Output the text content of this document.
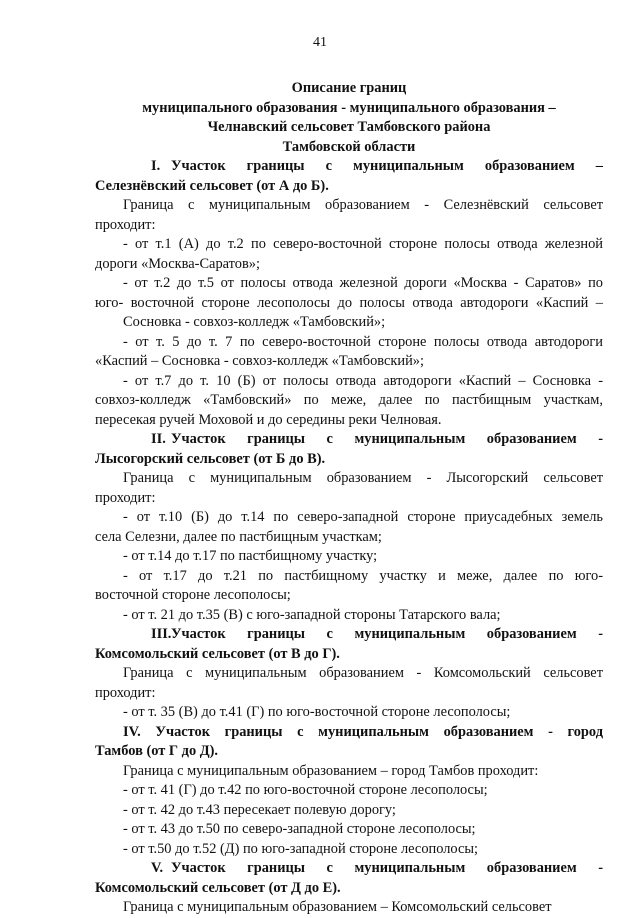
41

Описание границ

муниципального образования - муниципального образования –

Челнавский сельсовет Тамбовского района

Тамбовской области

I. Участок границы с муниципальным образованием –

Селезнёвский сельсовет (от А до Б).

Граница с муниципальным образованием - Селезнёвский сельсовет

проходит:

- от т.1 (А) до т.2 по северо-восточной стороне полосы отвода железной

дороги «Москва-Саратов»;

- от т.2 до т.5 от полосы отвода железной дороги «Москва - Саратов» по

юго- восточной стороне лесополосы до полосы отвода автодороги «Каспий –

Сосновка - совхоз-колледж «Тамбовский»;

- от т. 5 до т. 7 по северо-восточной стороне полосы отвода автодороги

«Каспий – Сосновка - совхоз-колледж «Тамбовский»;

- от т.7 до т. 10 (Б) от полосы отвода автодороги «Каспий – Сосновка -

совхоз-колледж «Тамбовский» по меже, далее по пастбищным участкам,

пересекая ручей Моховой и до середины реки Челновая.

II. Участок границы с муниципальным образованием -

Лысогорский сельсовет (от Б до В).

Граница с муниципальным образованием - Лысогорский сельсовет

проходит:

- от т.10 (Б) до т.14 по северо-западной стороне приусадебных земель

села Селезни, далее по пастбищным участкам;

- от т.14 до т.17 по пастбищному участку;

- от т.17 до т.21 по пастбищному участку и меже, далее по юго-

восточной стороне лесополосы;

- от т. 21 до т.35 (В) с юго-западной стороны Татарского вала;

III.Участок границы с муниципальным образованием -

Комсомольский сельсовет (от В до Г).

Граница с муниципальным образованием - Комсомольский сельсовет

проходит:

- от т. 35 (В) до т.41 (Г) по юго-восточной стороне лесополосы;

IV. Участок границы с муниципальным образованием - город

Тамбов (от Г до Д).

Граница с муниципальным образованием – город Тамбов проходит:

- от т. 41 (Г) до т.42 по юго-восточной стороне лесополосы;

- от т. 42 до т.43 пересекает полевую дорогу;

- от т. 43 до т.50 по северо-западной стороне лесополосы;

- от т.50 до т.52 (Д) по юго-западной стороне лесополосы;

V. Участок границы с муниципальным образованием -

Комсомольский сельсовет (от Д до Е).

Граница с муниципальным образованием – Комсомольский сельсовет
